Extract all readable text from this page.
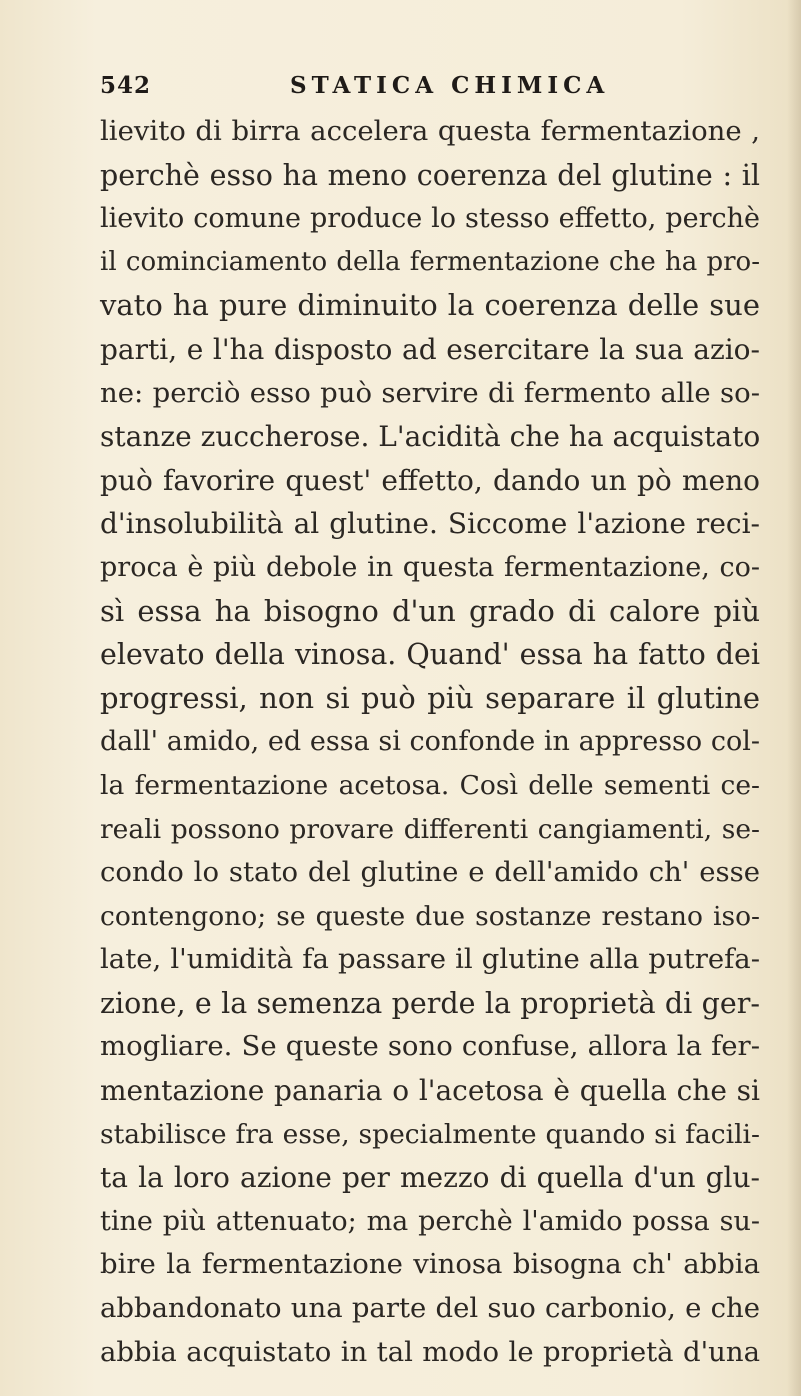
542	STATICA CHIMICA
lievito di birra accelera questa fermentazione ,
perchè esso ha meno coerenza del glutine : il
lievito comune produce lo stesso effetto, perchè
il cominciamento della fermentazione che ha pro-
vato ha pure diminuito la coerenza delle sue
parti, e l'ha disposto ad esercitare la sua azio-
ne: perciò esso può servire di fermento alle so-
stanze zuccherose. L'acidità che ha acquistato
può favorire quest' effetto, dando un pò meno
d'insolubilità al glutine. Siccome l'azione reci-
proca è più debole in questa fermentazione, co-
sì essa ha bisogno d'un grado di calore più
elevato della vinosa. Quand' essa ha fatto dei
progressi, non si può più separare il glutine
dall' amido, ed essa si confonde in appresso col-
la fermentazione acetosa. Così delle sementi ce-
reali possono provare differenti cangiamenti, se-
condo lo stato del glutine e dell'amido ch' esse
contengono; se queste due sostanze restano iso-
late, l'umidità fa passare il glutine alla putrefa-
zione, e la semenza perde la proprietà di ger-
mogliare. Se queste sono confuse, allora la fer-
mentazione panaria o l'acetosa è quella che si
stabilisce fra esse, specialmente quando si facili-
ta la loro azione per mezzo di quella d'un glu-
tine più attenuato; ma perchè l'amido possa su-
bire la fermentazione vinosa bisogna ch' abbia
abbandonato una parte del suo carbonio, e che
abbia acquistato in tal modo le proprietà d'una
